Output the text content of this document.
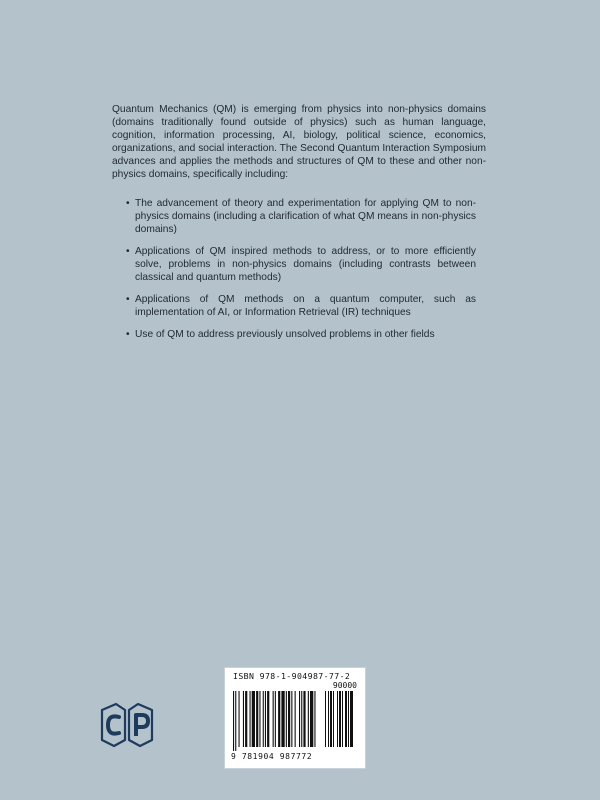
Quantum Mechanics (QM) is emerging from physics into non-physics domains (domains traditionally found outside of physics) such as human language, cognition, information processing, AI, biology, political science, economics, organizations, and social interaction. The Second Quantum Interaction Symposium advances and applies the methods and structures of QM to these and other non-physics domains, specifically including:

• The advancement of theory and experimentation for applying QM to non-physics domains (including a clarification of what QM means in non-physics domains)
• Applications of QM inspired methods to address, or to more efficiently solve, problems in non-physics domains (including contrasts between classical and quantum methods)
• Applications of QM methods on a quantum computer, such as implementation of AI, or Information Retrieval (IR) techniques
• Use of QM to address previously unsolved problems in other fields
ISBN 978-1-904987-77-2
90000
9 781904 987772
